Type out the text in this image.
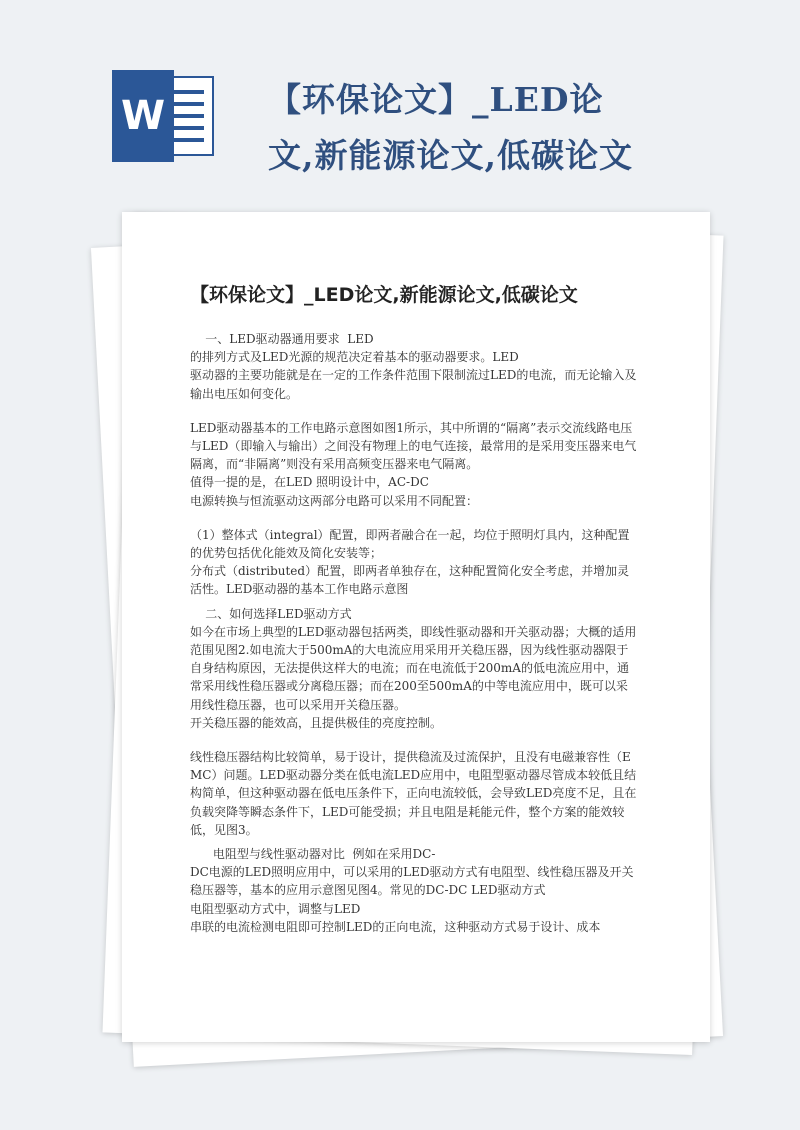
W	【环保论文】_LED论文,新能源论文,低碳论文
【环保论文】_LED论文,新能源论文,低碳论文

一、LED驱动器通用要求  LED
的排列方式及LED光源的规范决定着基本的驱动器要求。LED
驱动器的主要功能就是在一定的工作条件范围下限制流过LED的电流，而无论输入及输出电压如何变化。

LED驱动器基本的工作电路示意图如图1所示，其中所谓的“隔离”表示交流线路电压与LED（即输入与输出）之间没有物理上的电气连接，最常用的是采用变压器来电气隔离，而“非隔离”则没有采用高频变压器来电气隔离。
值得一提的是，在LED 照明设计中，AC-DC
电源转换与恒流驱动这两部分电路可以采用不同配置：

（1）整体式（integral）配置，即两者融合在一起，均位于照明灯具内，这种配置的优势包括优化能效及简化安装等；
分布式（distributed）配置，即两者单独存在，这种配置简化安全考虑，并增加灵活性。LED驱动器的基本工作电路示意图

二、如何选择LED驱动方式
如今在市场上典型的LED驱动器包括两类，即线性驱动器和开关驱动器；大概的适用范围见图2.如电流大于500mA的大电流应用采用开关稳压器，因为线性驱动器限于自身结构原因，无法提供这样大的电流；而在电流低于200mA的低电流应用中，通常采用线性稳压器或分离稳压器；而在200至500mA的中等电流应用中，既可以采用线性稳压器，也可以采用开关稳压器。
开关稳压器的能效高，且提供极佳的亮度控制。

线性稳压器结构比较简单，易于设计，提供稳流及过流保护，且没有电磁兼容性（EMC）问题。LED驱动器分类在低电流LED应用中，电阻型驱动器尽管成本较低且结构简单，但这种驱动器在低电压条件下，正向电流较低，会导致LED亮度不足，且在负载突降等瞬态条件下，LED可能受损；并且电阻是耗能元件，整个方案的能效较低，见图3。

电阻型与线性驱动器对比  例如在采用DC-
DC电源的LED照明应用中，可以采用的LED驱动方式有电阻型、线性稳压器及开关稳压器等，基本的应用示意图见图4。常见的DC-DC LED驱动方式
电阻型驱动方式中，调整与LED
串联的电流检测电阻即可控制LED的正向电流，这种驱动方式易于设计、成本
